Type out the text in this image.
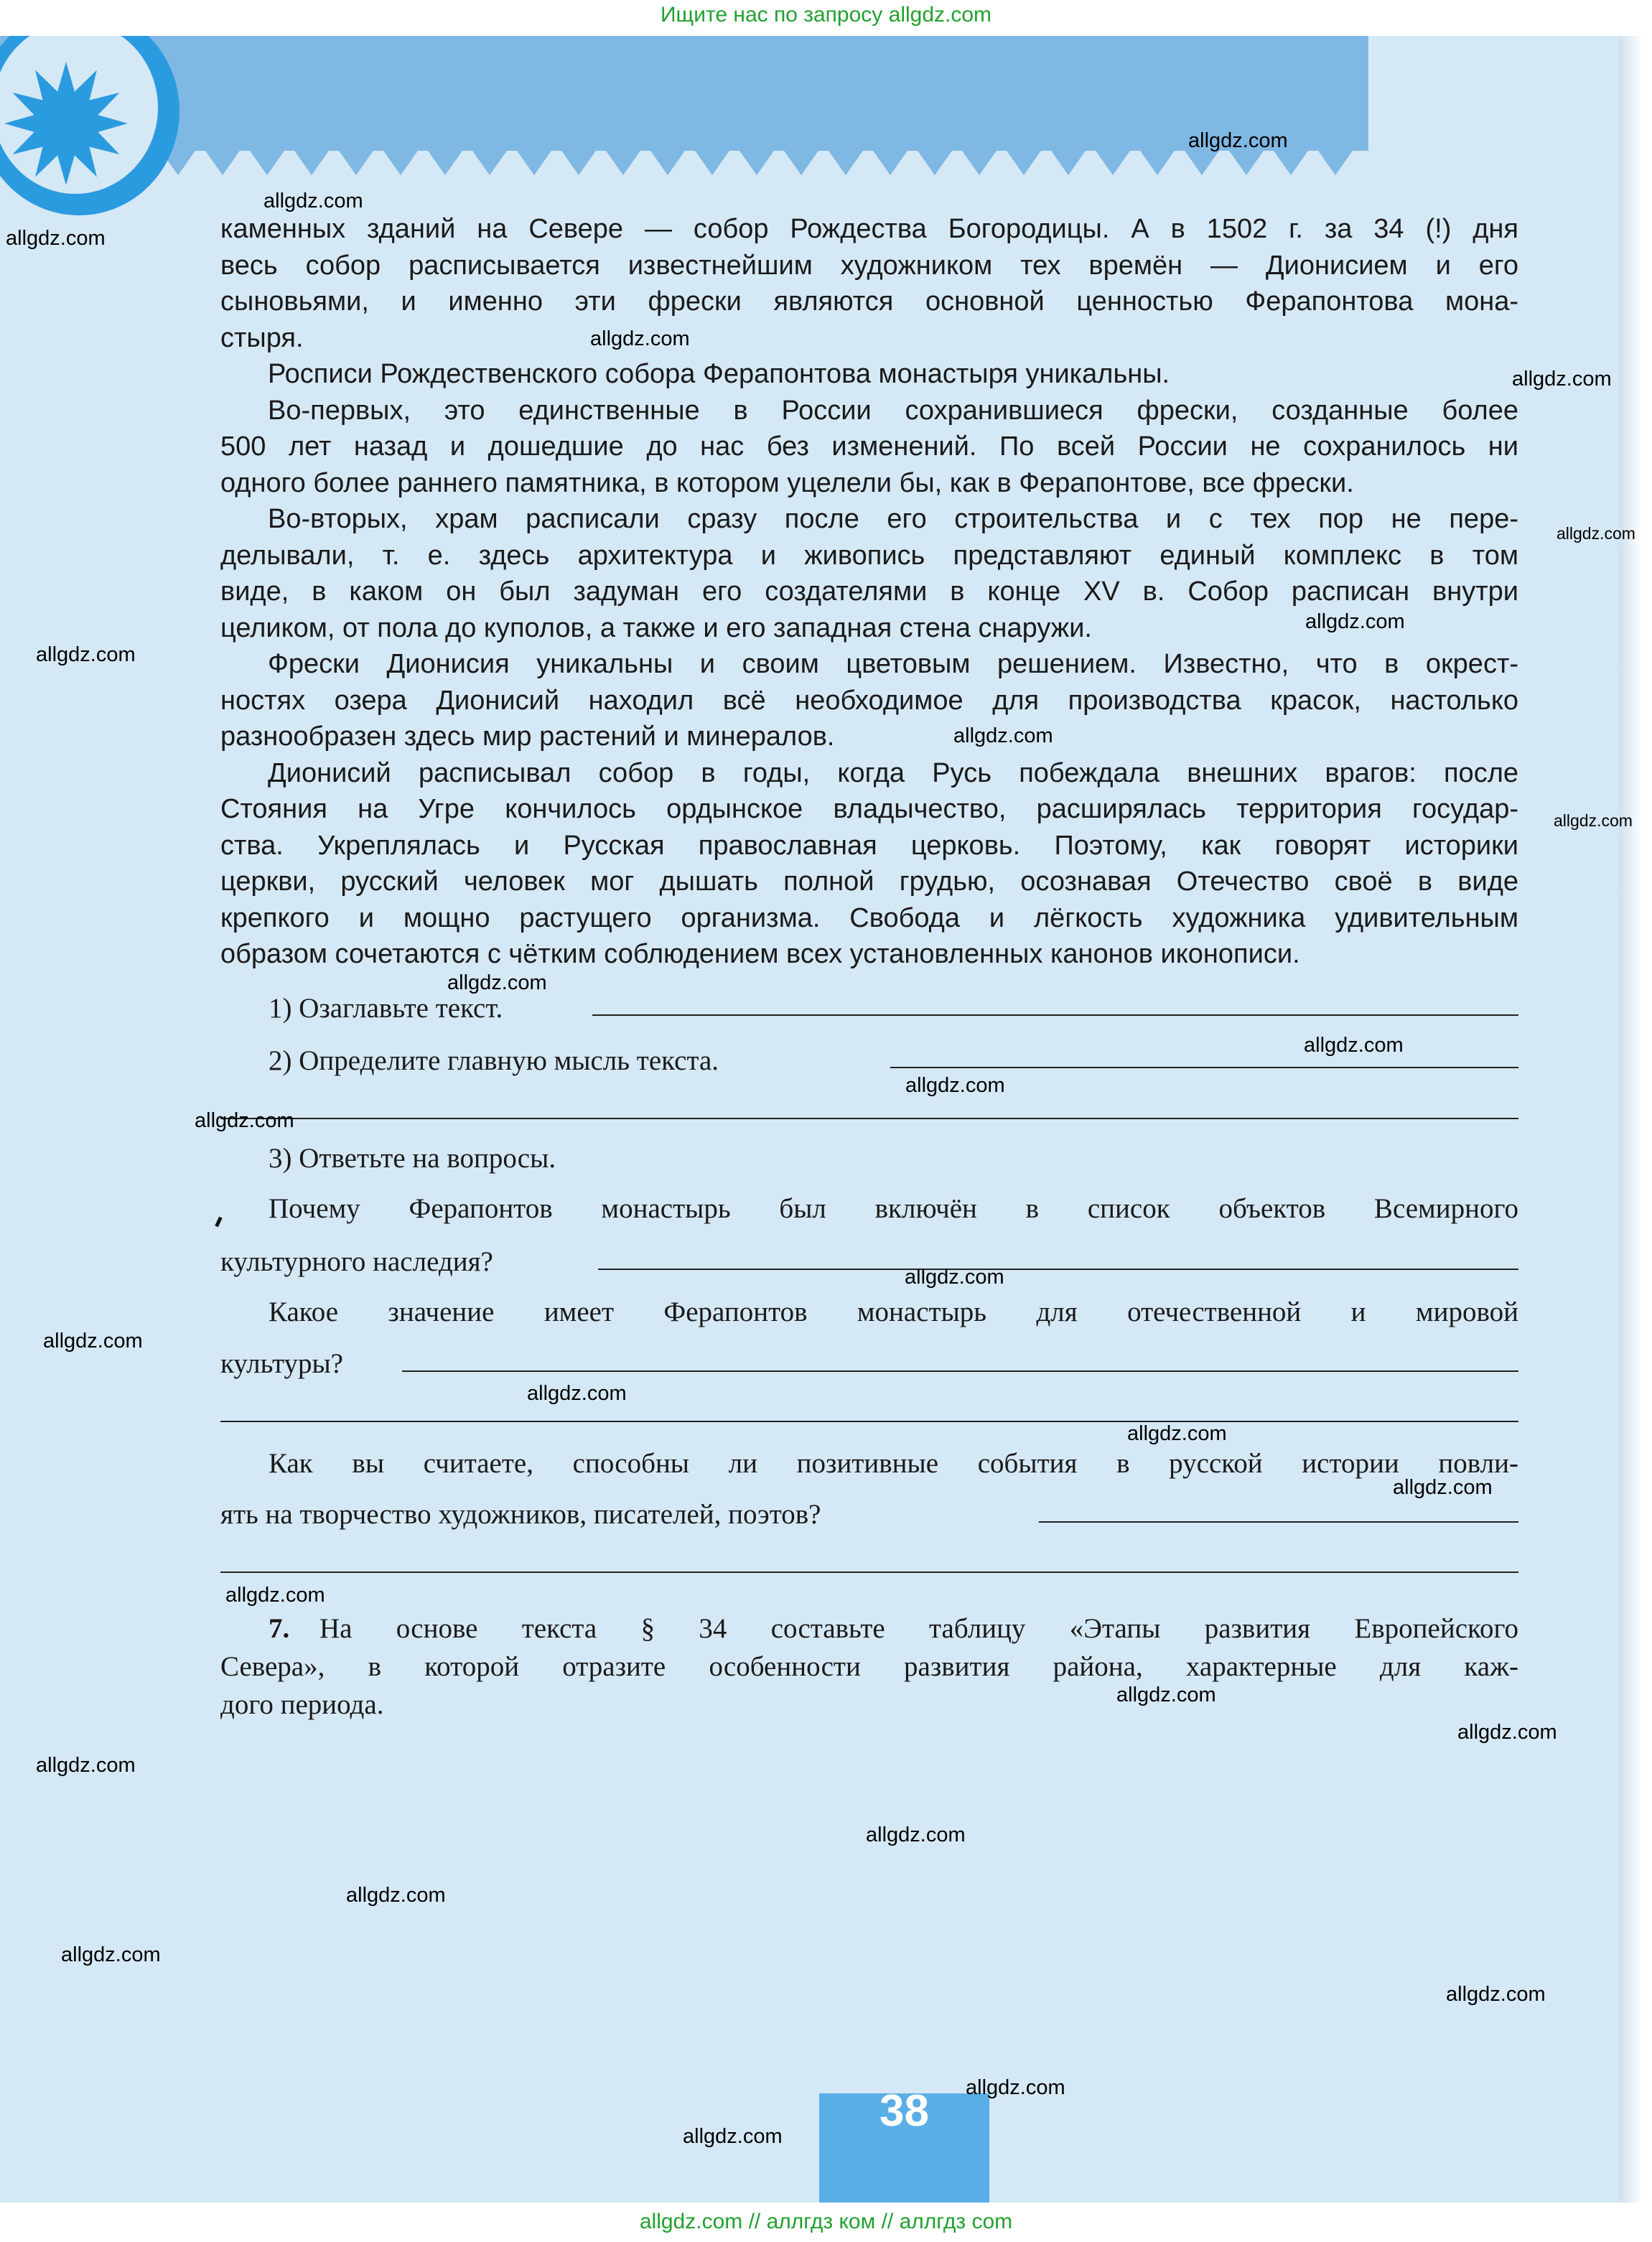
Ищите нас по запросу allgdz.com
allgdz.com // аллгдз ком // аллгдз com
38

каменных зданий на Севере — собор Рождества Богородицы. А в 1502 г. за 34 (!) дня
весь собор расписывается известнейшим художником тех времён — Дионисием и его
сыновьями, и именно эти фрески являются основной ценностью Ферапонтова мона-

стыря.

Росписи Рождественского собора Ферапонтова монастыря уникальны.

Во-первых, это единственные в России сохранившиеся фрески, созданные более
500 лет назад и дошедшие до нас без изменений. По всей России не сохранилось ни

одного более раннего памятника, в котором уцелели бы, как в Ферапонтове, все фрески.

Во-вторых, храм расписали сразу после его строительства и с тех пор не пере-
делывали, т. е. здесь архитектура и живопись представляют единый комплекс в том
виде, в каком он был задуман его создателями в конце XV в. Собор расписан внутри

целиком, от пола до куполов, а также и его западная стена снаружи.

Фрески Дионисия уникальны и своим цветовым решением. Известно, что в окрест-
ностях озера Дионисий находил всё необходимое для производства красок, настолько

разнообразен здесь мир растений и минералов.

Дионисий расписывал собор в годы, когда Русь побеждала внешних врагов: после
Стояния на Угре кончилось ордынское владычество, расширялась территория государ-
ства. Укреплялась и Русская православная церковь. Поэтому, как говорят историки
церкви, русский человек мог дышать полной грудью, осознавая Отечество своё в виде
крепкого и мощно растущего организма. Свобода и лёгкость художника удивительным

образом сочетаются с чётким соблюдением всех установленных канонов иконописи.

1) Озаглавьте текст.
2) Определите главную мысль текста.
3) Ответьте на вопросы.
Почему Ферапонтов монастырь был включён в список объектов Всемирного
культурного наследия?
Какое значение имеет Ферапонтов монастырь для отечественной и мировой
культуры?
Как вы считаете, способны ли позитивные события в русской истории повли-
ять на творчество художников, писателей, поэтов?
7. На основе текста § 34 составьте таблицу «Этапы развития Европейского
Севера», в которой отразите особенности развития района, характерные для каж-
дого периода.
allgdz.com
allgdz.com
allgdz.com
allgdz.com
allgdz.com
allgdz.com
allgdz.com
allgdz.com
allgdz.com
allgdz.com
allgdz.com
allgdz.com
allgdz.com
allgdz.com
allgdz.com
allgdz.com
allgdz.com
allgdz.com
allgdz.com
allgdz.com
allgdz.com
allgdz.com
allgdz.com
allgdz.com
allgdz.com
allgdz.com
allgdz.com
allgdz.com
allgdz.com
